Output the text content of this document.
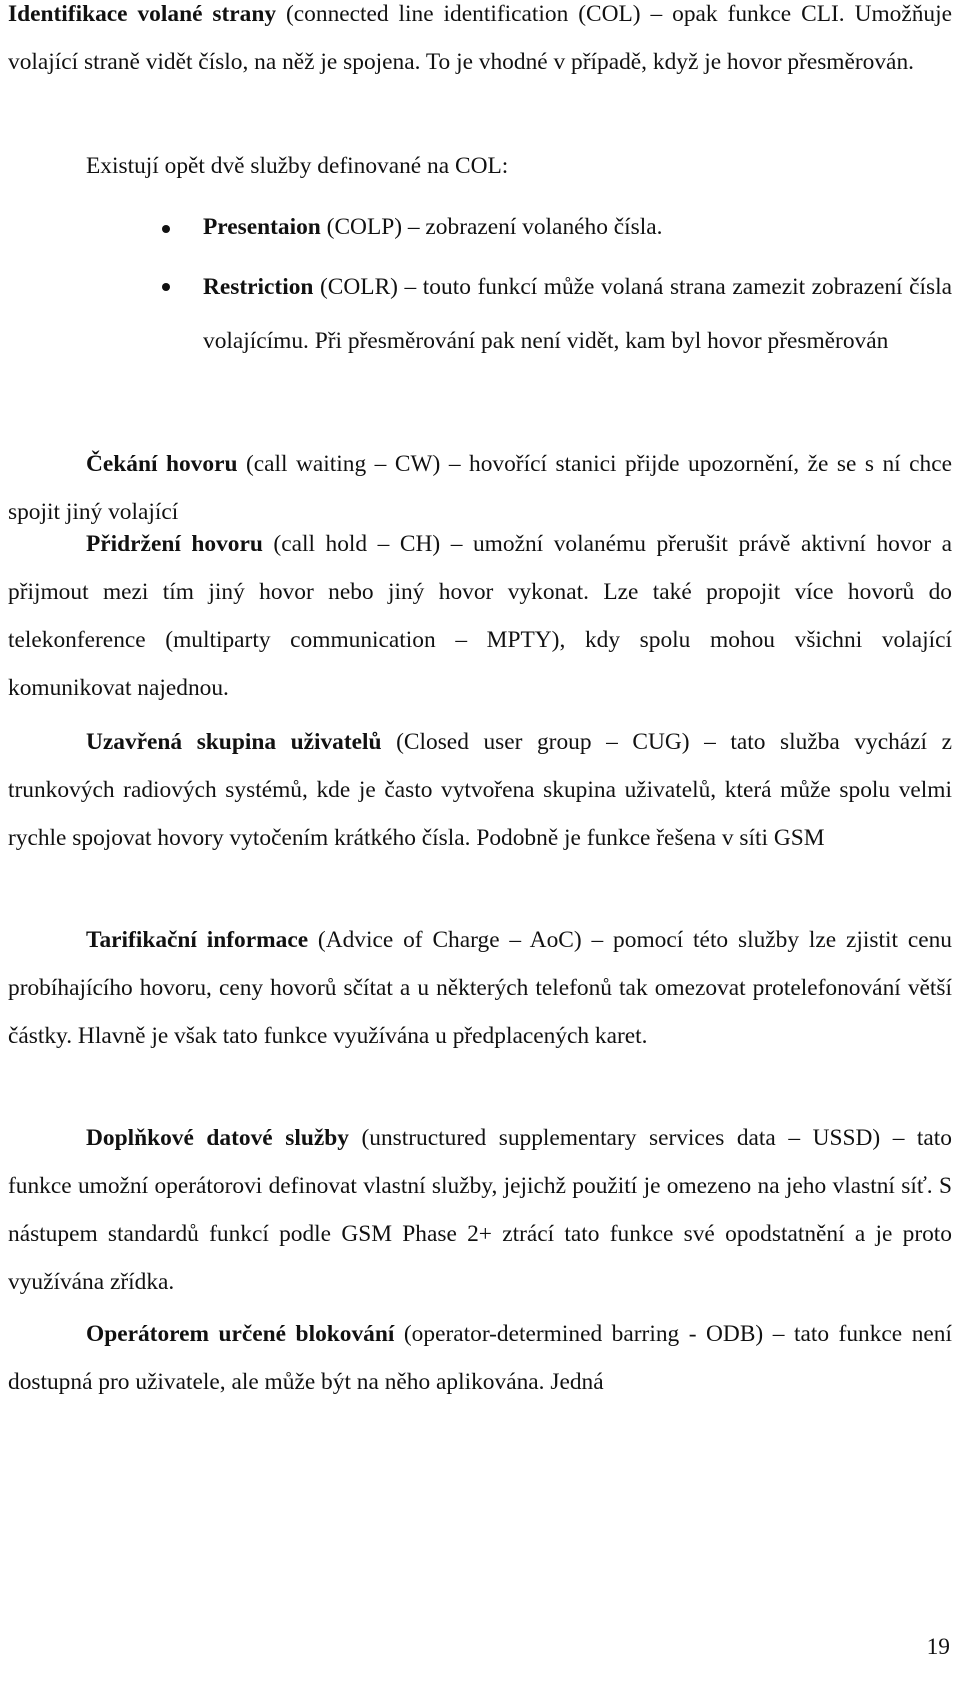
Identifikace volané strany (connected line identification (COL) – opak funkce CLI. Umožňuje volající straně vidět číslo, na něž je spojena. To je vhodné v případě, když je hovor přesměrován.

Existují opět dvě služby definované na COL:

Presentaion (COLP) – zobrazení volaného čísla.

Restriction (COLR) – touto funkcí může volaná strana zamezit zobrazení čísla volajícímu. Při přesměrování pak není vidět, kam byl hovor přesměrován

Čekání hovoru (call waiting – CW) – hovořící stanici přijde upozornění, že se s ní chce spojit jiný volající

Přidržení hovoru (call hold – CH) – umožní volanému přerušit právě aktivní hovor a přijmout mezi tím jiný hovor nebo jiný hovor vykonat. Lze také propojit více hovorů do telekonference (multiparty communication – MPTY), kdy spolu mohou všichni volající komunikovat najednou.

Uzavřená skupina uživatelů (Closed user group – CUG) – tato služba vychází z trunkových radiových systémů, kde je často vytvořena skupina uživatelů, která může spolu velmi rychle spojovat hovory vytočením krátkého čísla. Podobně je funkce řešena v síti GSM

Tarifikační informace (Advice of Charge – AoC) – pomocí této služby lze zjistit cenu probíhajícího hovoru, ceny hovorů sčítat a u některých telefonů tak omezovat protelefonování větší částky. Hlavně je však tato funkce využívána u předplacených karet.

Doplňkové datové služby (unstructured supplementary services data – USSD) – tato funkce umožní operátorovi definovat vlastní služby, jejichž použití je omezeno na jeho vlastní síť. S nástupem standardů funkcí podle GSM Phase 2+ ztrácí tato funkce své opodstatnění a je proto využívána zřídka.

Operátorem určené blokování (operator-determined barring - ODB) – tato funkce není dostupná pro uživatele, ale může být na něho aplikována. Jedná

19
